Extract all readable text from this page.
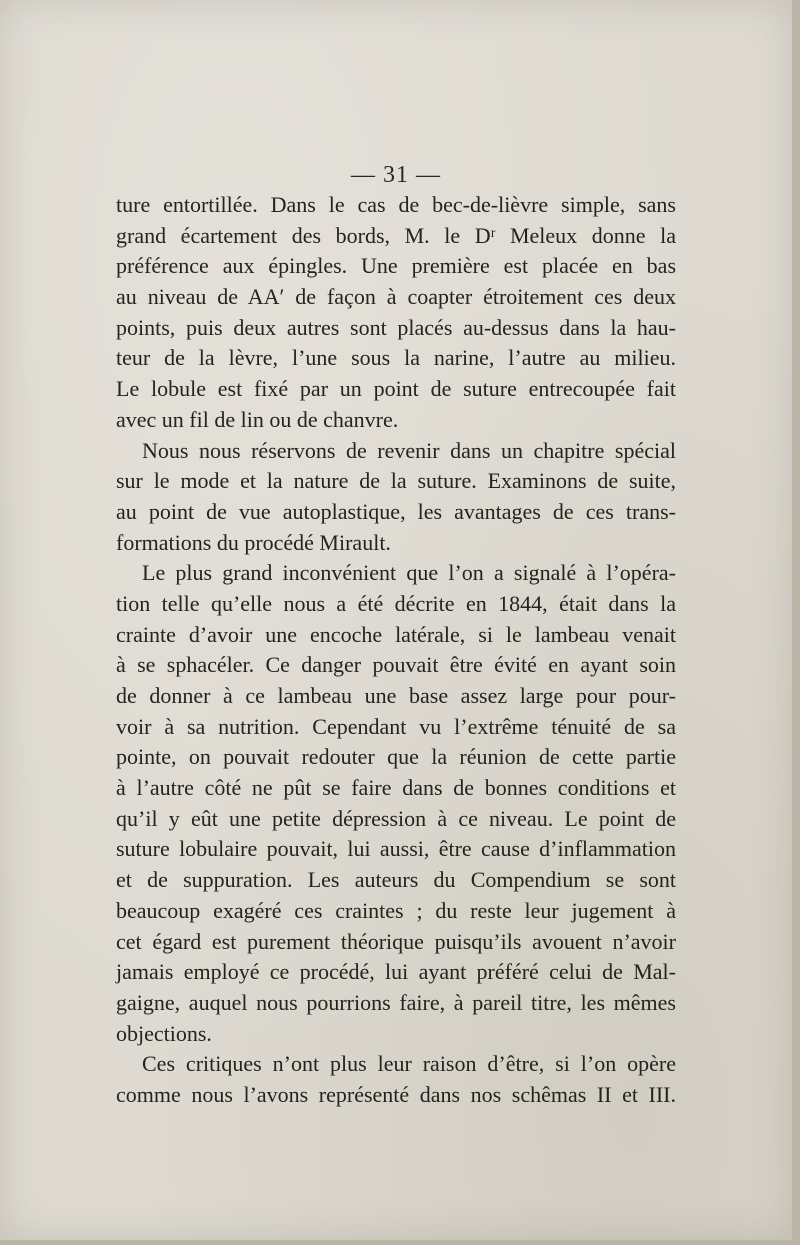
— 31 —
ture entortillée. Dans le cas de bec-de-lièvre simple, sans
grand écartement des bords, M. le Dʳ Meleux donne la
préférence aux épingles. Une première est placée en bas
au niveau de AA′ de façon à coapter étroitement ces deux
points, puis deux autres sont placés au-dessus dans la hau-
teur de la lèvre, l’une sous la narine, l’autre au milieu.
Le lobule est fixé par un point de suture entrecoupée fait
avec un fil de lin ou de chanvre.
Nous nous réservons de revenir dans un chapitre spécial
sur le mode et la nature de la suture. Examinons de suite,
au point de vue autoplastique, les avantages de ces trans-
formations du procédé Mirault.
Le plus grand inconvénient que l’on a signalé à l’opéra-
tion telle qu’elle nous a été décrite en 1844, était dans la
crainte d’avoir une encoche latérale, si le lambeau venait
à se sphacéler. Ce danger pouvait être évité en ayant soin
de donner à ce lambeau une base assez large pour pour-
voir à sa nutrition. Cependant vu l’extrême ténuité de sa
pointe, on pouvait redouter que la réunion de cette partie
à l’autre côté ne pût se faire dans de bonnes conditions et
qu’il y eût une petite dépression à ce niveau. Le point de
suture lobulaire pouvait, lui aussi, être cause d’inflammation
et de suppuration. Les auteurs du Compendium se sont
beaucoup exagéré ces craintes ; du reste leur jugement à
cet égard est purement théorique puisqu’ils avouent n’avoir
jamais employé ce procédé, lui ayant préféré celui de Mal-
gaigne, auquel nous pourrions faire, à pareil titre, les mêmes
objections.
Ces critiques n’ont plus leur raison d’être, si l’on opère
comme nous l’avons représenté dans nos schêmas II et III.
